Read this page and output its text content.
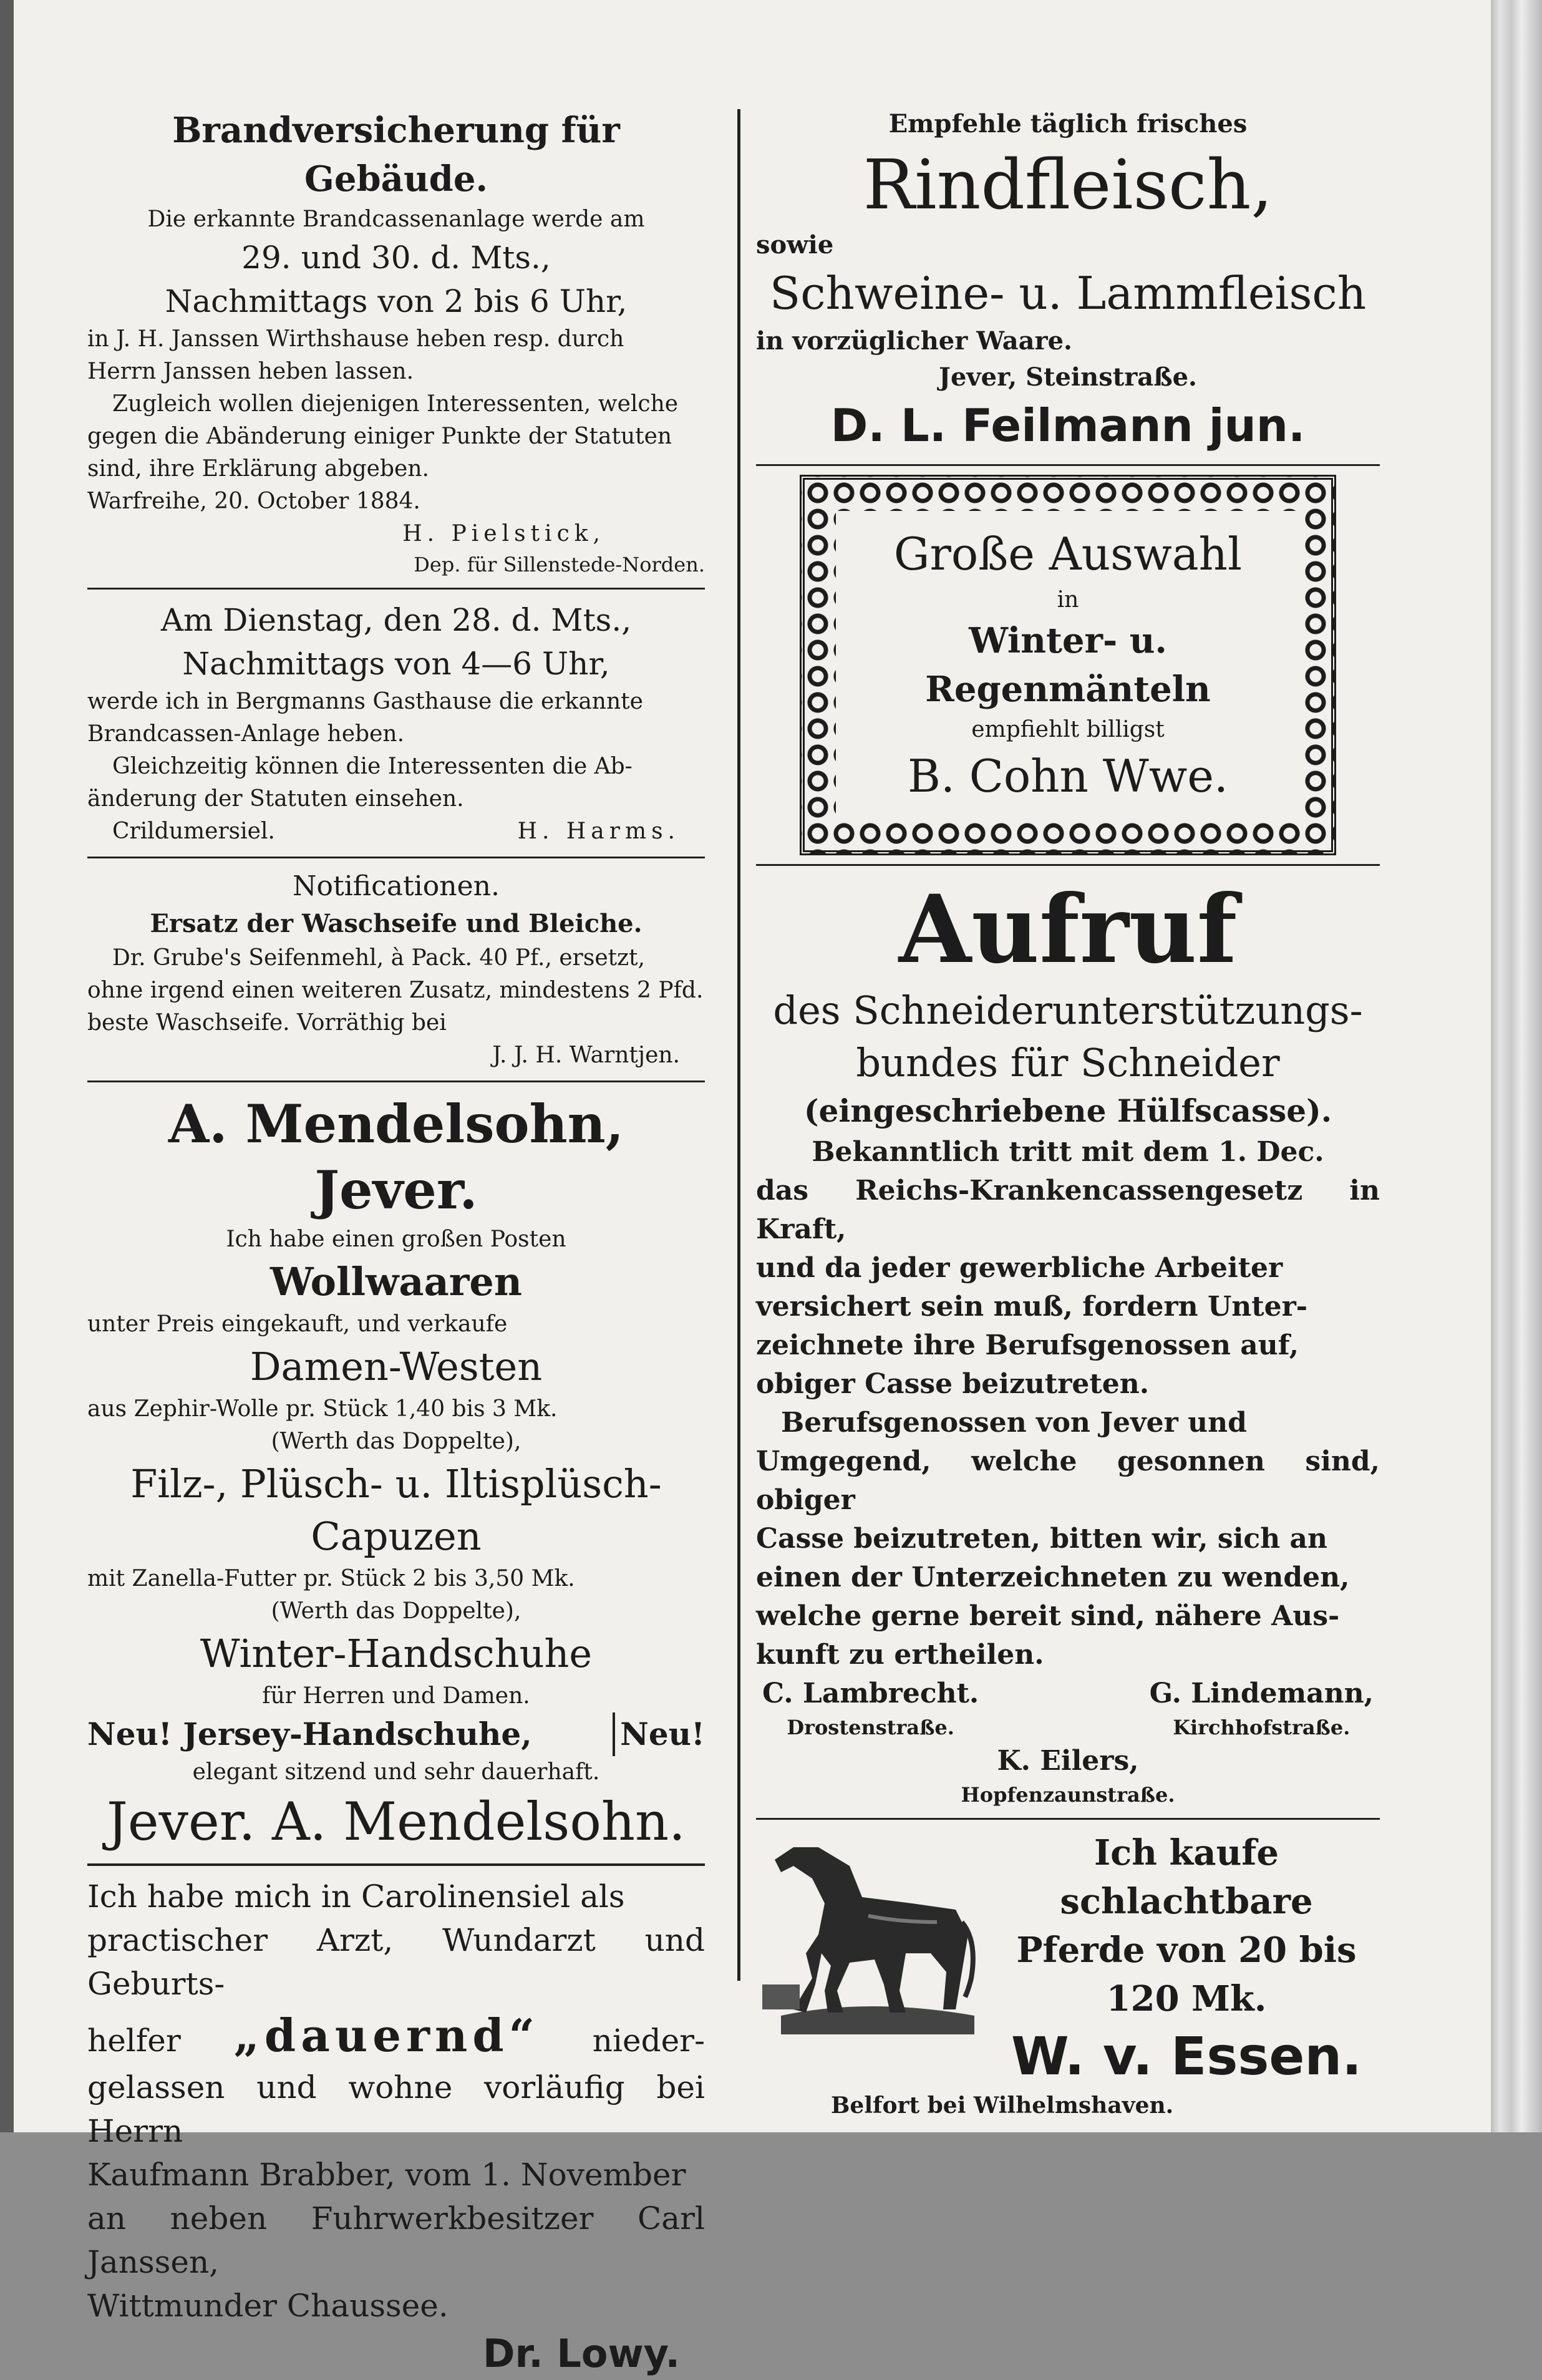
Brandversicherung für Gebäude.

Die erkannte Brandcassenanlage werde am

29. und 30. d. Mts.,

Nachmittags von 2 bis 6 Uhr,

in J. H. Janssen Wirthshause heben resp. durch

Herrn Janssen heben lassen.

Zugleich wollen diejenigen Interessenten, welche

gegen die Abänderung einiger Punkte der Statuten

sind, ihre Erklärung abgeben.

Warfreihe, 20. October 1884.

H. Pielstick,

Dep. für Sillenstede-Norden.

Am Dienstag, den 28. d. Mts.,

Nachmittags von 4—6 Uhr,

werde ich in Bergmanns Gasthause die erkannte

Brandcassen-Anlage heben.

Gleichzeitig können die Interessenten die Ab-

änderung der Statuten einsehen.

Crildumersiel.	H. Harms.

Notificationen.

Ersatz der Waschseife und Bleiche.

Dr. Grube's Seifenmehl, à Pack. 40 Pf., ersetzt,

ohne irgend einen weiteren Zusatz, mindestens 2 Pfd.

beste Waschseife. Vorräthig bei

J. J. H. Warntjen.

A. Mendelsohn, Jever.

Ich habe einen großen Posten

Wollwaaren

unter Preis eingekauft, und verkaufe

Damen-Westen

aus Zephir-Wolle pr. Stück 1,40 bis 3 Mk.

(Werth das Doppelte),

Filz-, Plüsch- u. Iltisplüsch-

Capuzen

mit Zanella-Futter pr. Stück 2 bis 3,50 Mk.

(Werth das Doppelte),

Winter-Handschuhe

für Herren und Damen.

Neu! Jersey-Handschuhe,	Neu!

elegant sitzend und sehr dauerhaft.

Jever. A. Mendelsohn.

Ich habe mich in Carolinensiel als

practischer Arzt, Wundarzt und Geburts-

helfer „dauernd“ nieder-

gelassen und wohne vorläufig bei Herrn

Kaufmann Brabber, vom 1. November

an neben Fuhrwerkbesitzer Carl Janssen,

Wittmunder Chaussee.

Dr. Lowy.

Empfehle täglich frisches

Rindfleisch,

sowie

Schweine- u. Lammfleisch

in vorzüglicher Waare.

Jever, Steinstraße.

D. L. Feilmann jun.

Große Auswahl

in

Winter- u. Regenmänteln

empfiehlt billigst

B. Cohn Wwe.

Aufruf

des Schneiderunterstützungs-

bundes für Schneider

(eingeschriebene Hülfscasse).

Bekanntlich tritt mit dem 1. Dec.

das Reichs-Krankencassengesetz in Kraft,

und da jeder gewerbliche Arbeiter

versichert sein muß, fordern Unter-

zeichnete ihre Berufsgenossen auf,

obiger Casse beizutreten.

Berufsgenossen von Jever und

Umgegend, welche gesonnen sind, obiger

Casse beizutreten, bitten wir, sich an

einen der Unterzeichneten zu wenden,

welche gerne bereit sind, nähere Aus-

kunft zu ertheilen.

C. Lambrecht.

Drostenstraße.

G. Lindemann,

Kirchhofstraße.

K. Eilers,

Hopfenzaunstraße.

Ich kaufe schlachtbare

Pferde von 20 bis

120 Mk.

W. v. Essen.

Belfort bei Wilhelmshaven.
